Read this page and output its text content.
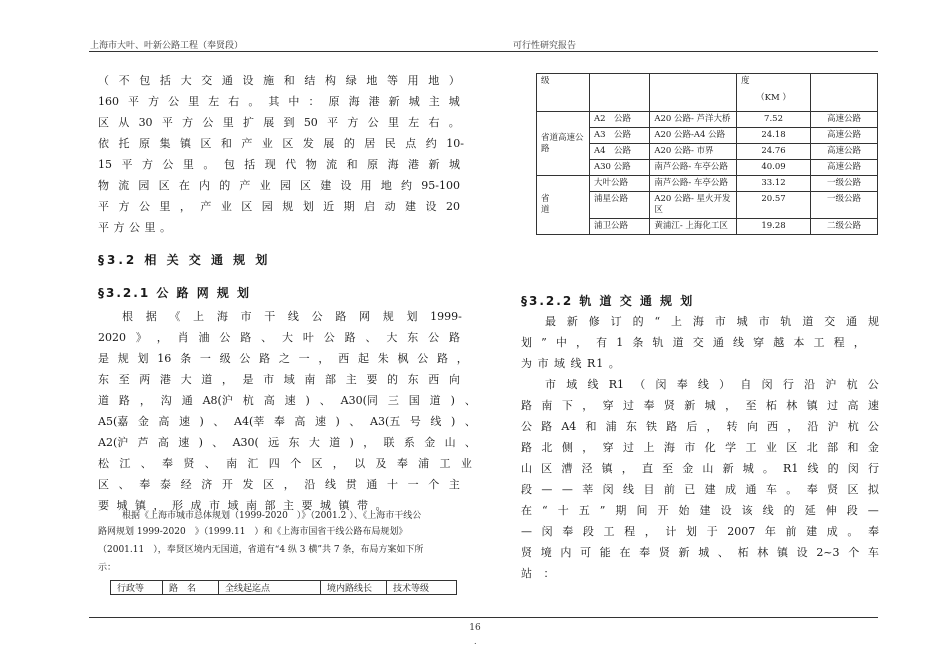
上海市大叶、叶新公路工程（奉贤段）	可行性研究报告
（ 不 包 括 大 交 通 设 施 和 结 构 绿 地 等 用 地 ）
160 平 方 公 里 左 右 。 其 中 ： 原 海 港 新 城 主 城
区 从 30 平 方 公 里 扩 展 到 50 平 方 公 里 左 右 。
依 托 原 集 镇 区 和 产 业 区 发 展 的 居 民 点 约 10-
15 平 方 公 里 。 包 括 现 代 物 流 和 原 海 港 新 城
物 流 园 区 在 内 的 产 业 园 区 建 设 用 地 约 95-100
平 方 公 里 ， 产 业 区 园 规 划 近 期 启 动 建 设 20
平 方 公 里 。
§3.2 相 关 交 通 规 划
§3.2.1 公 路 网 规 划
根 据 《 上 海 市 干 线 公 路 网 规 划 1999-
2020 》 ， 肖 浀 公 路 、 大 叶 公 路 、 大 东 公 路
是 规 划 16 条 一 级 公 路 之 一 ， 西 起 朱 枫 公 路 ，
东 至 两 港 大 道 ， 是 市 域 南 部 主 要 的 东 西 向
道 路 ， 沟 通 A8(沪 杭 高 速 ) 、 A30(同 三 国 道 ) 、
A5(嘉 金 高 速 ) 、 A4(莘 奉 高 速 ) 、 A3(五 号 线 ) 、
A2(沪 芦 高 速 ) 、 A30( 远 东 大 道 ) ， 联 系 金 山 、
松 江 、 奉 贤 、 南 汇 四 个 区 ， 以 及 奉 浦 工 业
区 、 奉 泰 经 济 开 发 区 ， 沿 线 贯 通 十 一 个 主
要 城 镇 ， 形 成 市 域 南 部 主 要 城 镇 带 。
根据《上海市城市总体规划（1999-2020　）》（2001.2 ）、《上海市干线公
路网规划 1999-2020　》（1999.11　）和《上海市国省干线公路布局规划》
（2001.11　），奉贤区境内无国道，省道有“4 纵 3 横”共 7 条，布局方案如下所
示：
行政等	路　名	全线起迄点	境内路线长	技术等级
级			度
（KM ）	

省道高速公路	A2　公路	A20 公路- 芦洋大桥	7.52	高速公路
	A3　公路	A20 公路-A4 公路	24.18	高速公路
	A4　公路	A20 公路- 市界	24.76	高速公路
	A30 公路	南芦公路- 车亭公路	40.09	高速公路

省
道	大叶公路	南芦公路- 车亭公路	33.12	一级公路
	浦星公路	A20 公路- 星火开发区	20.57	一级公路
	浦卫公路	黄浦江- 上海化工区	19.28	二级公路
§3.2.2 轨 道 交 通 规 划
最 新 修 订 的 “ 上 海 市 城 市 轨 道 交 通 规
划 ” 中 ， 有 1 条 轨 道 交 通 线 穿 越 本 工 程 ，
为 市 域 线 R1 。
市 域 线 R1 （ 闵 奉 线 ） 自 闵 行 沿 沪 杭 公
路 南 下 ， 穿 过 奉 贤 新 城 ， 至 柘 林 镇 过 高 速
公 路 A4 和 浦 东 铁 路 后 ， 转 向 西 ， 沿 沪 杭 公
路 北 侧 ， 穿 过 上 海 市 化 学 工 业 区 北 部 和 金
山 区 漕 泾 镇 ， 直 至 金 山 新 城 。 R1 线 的 闵 行
段 — — 莘 闵 线 目 前 已 建 成 通 车 。 奉 贤 区 拟
在 “ 十 五 ” 期 间 开 始 建 设 该 线 的 延 伸 段 —
— 闵 奉 段 工 程 ， 计 划 于 2007 年 前 建 成 。 奉
贤 境 内 可 能 在 奉 贤 新 城 、 柘 林 镇 设 2~3 个 车
站 ：
16
.
